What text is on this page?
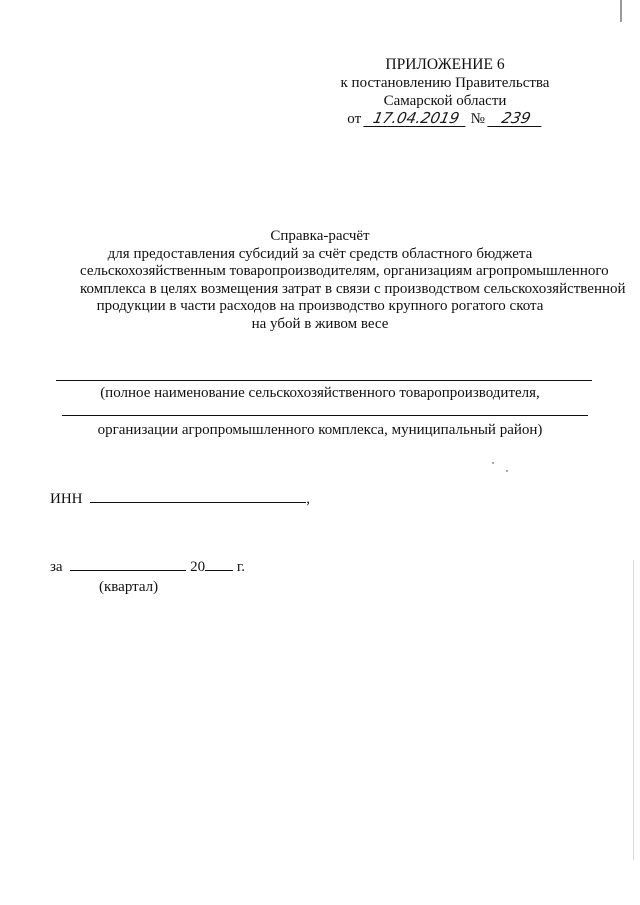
ПРИЛОЖЕНИЕ 6
к постановлению Правительства
Самарской области
от 17.04.2019 № 239
Справка-расчёт
для предоставления субсидий за счёт средств областного бюджета
сельскохозяйственным товаропроизводителям, организациям агропромышленного
комплекса в целях возмещения затрат в связи с производством сельскохозяйственной
продукции в части расходов на производство крупного рогатого скота
на убой в живом весе
(полное наименование сельскохозяйственного товаропроизводителя,
организации агропромышленного комплекса, муниципальный район)
ИНН	,
за	20 г.
(квартал)
